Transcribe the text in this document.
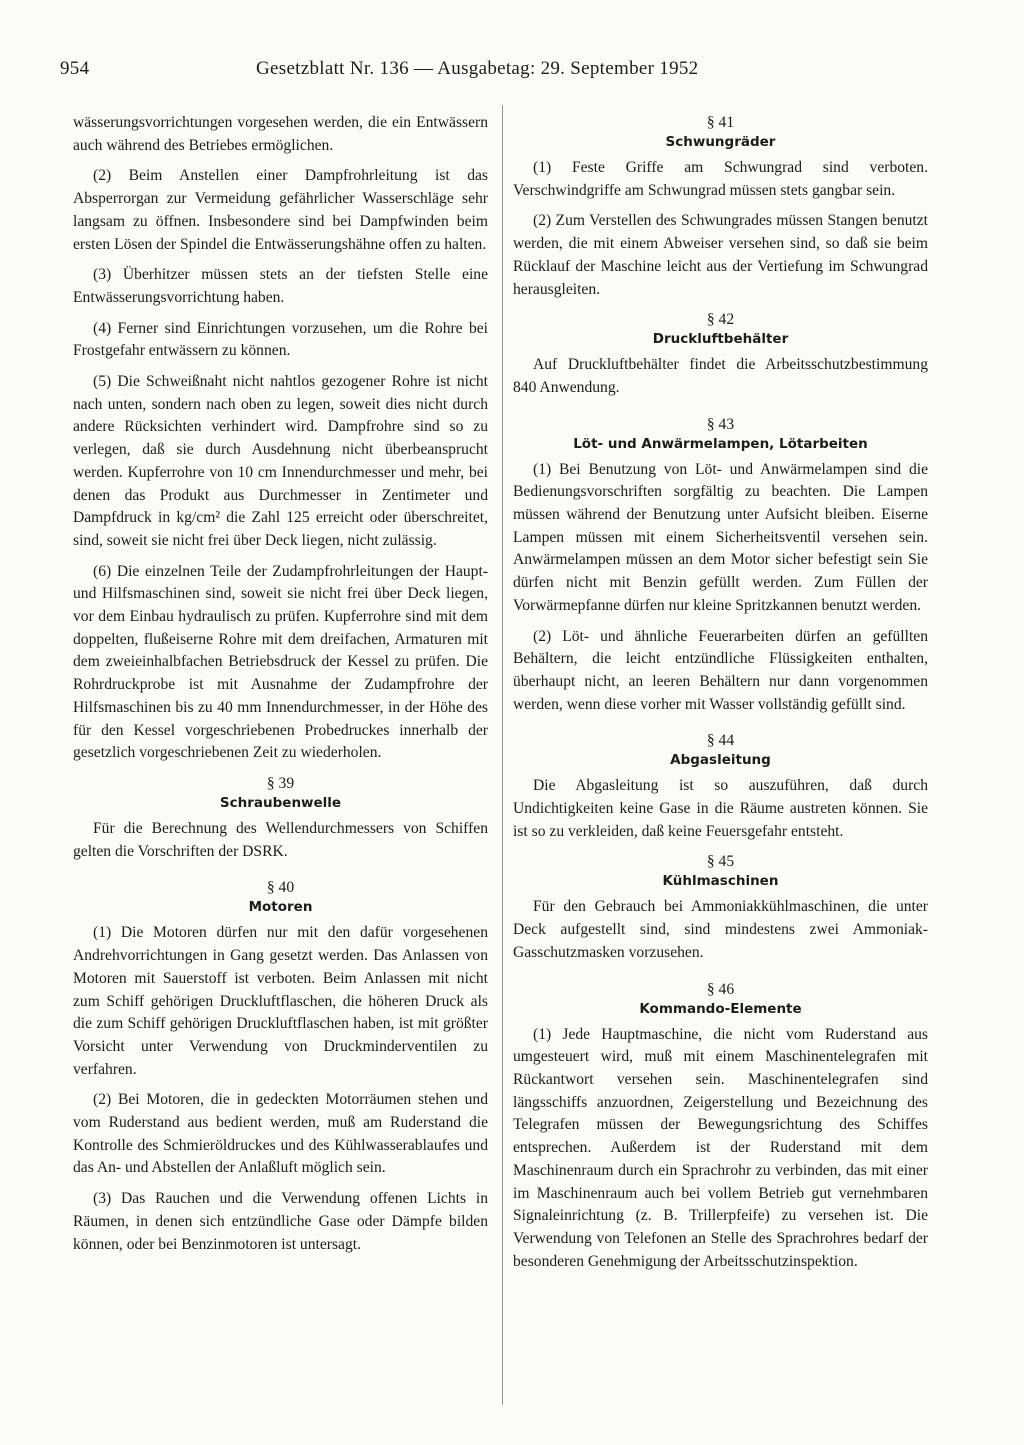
954	Gesetzblatt Nr. 136 — Ausgabetag: 29. September 1952

wässerungsvorrichtungen vorgesehen werden, die ein Entwässern auch während des Betriebes ermöglichen.

(2) Beim Anstellen einer Dampfrohrleitung ist das Absperrorgan zur Vermeidung gefährlicher Wasserschläge sehr langsam zu öffnen. Insbesondere sind bei Dampfwinden beim ersten Lösen der Spindel die Entwässerungshähne offen zu halten.

(3) Überhitzer müssen stets an der tiefsten Stelle eine Entwässerungsvorrichtung haben.

(4) Ferner sind Einrichtungen vorzusehen, um die Rohre bei Frostgefahr entwässern zu können.

(5) Die Schweißnaht nicht nahtlos gezogener Rohre ist nicht nach unten, sondern nach oben zu legen, soweit dies nicht durch andere Rücksichten verhindert wird. Dampfrohre sind so zu verlegen, daß sie durch Ausdehnung nicht überbeansprucht werden. Kupferrohre von 10 cm Innendurchmesser und mehr, bei denen das Produkt aus Durchmesser in Zentimeter und Dampfdruck in kg/cm² die Zahl 125 erreicht oder überschreitet, sind, soweit sie nicht frei über Deck liegen, nicht zulässig.

(6) Die einzelnen Teile der Zudampfrohrleitungen der Haupt- und Hilfsmaschinen sind, soweit sie nicht frei über Deck liegen, vor dem Einbau hydraulisch zu prüfen. Kupferrohre sind mit dem doppelten, flußeiserne Rohre mit dem dreifachen, Armaturen mit dem zweieinhalbfachen Betriebsdruck der Kessel zu prüfen. Die Rohrdruckprobe ist mit Ausnahme der Zudampfrohre der Hilfsmaschinen bis zu 40 mm Innendurchmesser, in der Höhe des für den Kessel vorgeschriebenen Probedruckes innerhalb der gesetzlich vorgeschriebenen Zeit zu wiederholen.

§ 39
Schraubenwelle

Für die Berechnung des Wellendurchmessers von Schiffen gelten die Vorschriften der DSRK.

§ 40
Motoren

(1) Die Motoren dürfen nur mit den dafür vorgesehenen Andrehvorrichtungen in Gang gesetzt werden. Das Anlassen von Motoren mit Sauerstoff ist verboten. Beim Anlassen mit nicht zum Schiff gehörigen Druckluftflaschen, die höheren Druck als die zum Schiff gehörigen Druckluftflaschen haben, ist mit größter Vorsicht unter Verwendung von Druckminderventilen zu verfahren.

(2) Bei Motoren, die in gedeckten Motorräumen stehen und vom Ruderstand aus bedient werden, muß am Ruderstand die Kontrolle des Schmieröldruckes und des Kühlwasserablaufes und das An- und Abstellen der Anlaßluft möglich sein.

(3) Das Rauchen und die Verwendung offenen Lichts in Räumen, in denen sich entzündliche Gase oder Dämpfe bilden können, oder bei Benzinmotoren ist untersagt.

§ 41
Schwungräder

(1) Feste Griffe am Schwungrad sind verboten. Verschwindgriffe am Schwungrad müssen stets gangbar sein.

(2) Zum Verstellen des Schwungrades müssen Stangen benutzt werden, die mit einem Abweiser versehen sind, so daß sie beim Rücklauf der Maschine leicht aus der Vertiefung im Schwungrad herausgleiten.

§ 42
Druckluftbehälter

Auf Druckluftbehälter findet die Arbeitsschutzbestimmung 840 Anwendung.

§ 43
Löt- und Anwärmelampen, Lötarbeiten

(1) Bei Benutzung von Löt- und Anwärmelampen sind die Bedienungsvorschriften sorgfältig zu beachten. Die Lampen müssen während der Benutzung unter Aufsicht bleiben. Eiserne Lampen müssen mit einem Sicherheitsventil versehen sein. Anwärmelampen müssen an dem Motor sicher befestigt sein Sie dürfen nicht mit Benzin gefüllt werden. Zum Füllen der Vorwärmepfanne dürfen nur kleine Spritzkannen benutzt werden.

(2) Löt- und ähnliche Feuerarbeiten dürfen an gefüllten Behältern, die leicht entzündliche Flüssigkeiten enthalten, überhaupt nicht, an leeren Behältern nur dann vorgenommen werden, wenn diese vorher mit Wasser vollständig gefüllt sind.

§ 44
Abgasleitung

Die Abgasleitung ist so auszuführen, daß durch Undichtigkeiten keine Gase in die Räume austreten können. Sie ist so zu verkleiden, daß keine Feuersgefahr entsteht.

§ 45
Kühlmaschinen

Für den Gebrauch bei Ammoniakkühlmaschinen, die unter Deck aufgestellt sind, sind mindestens zwei Ammoniak-Gasschutzmasken vorzusehen.

§ 46
Kommando-Elemente

(1) Jede Hauptmaschine, die nicht vom Ruderstand aus umgesteuert wird, muß mit einem Maschinentelegrafen mit Rückantwort versehen sein. Maschinentelegrafen sind längsschiffs anzuordnen, Zeigerstellung und Bezeichnung des Telegrafen müssen der Bewegungsrichtung des Schiffes entsprechen. Außerdem ist der Ruderstand mit dem Maschinenraum durch ein Sprachrohr zu verbinden, das mit einer im Maschinenraum auch bei vollem Betrieb gut vernehmbaren Signaleinrichtung (z. B. Trillerpfeife) zu versehen ist. Die Verwendung von Telefonen an Stelle des Sprachrohres bedarf der besonderen Genehmigung der Arbeitsschutzinspektion.
